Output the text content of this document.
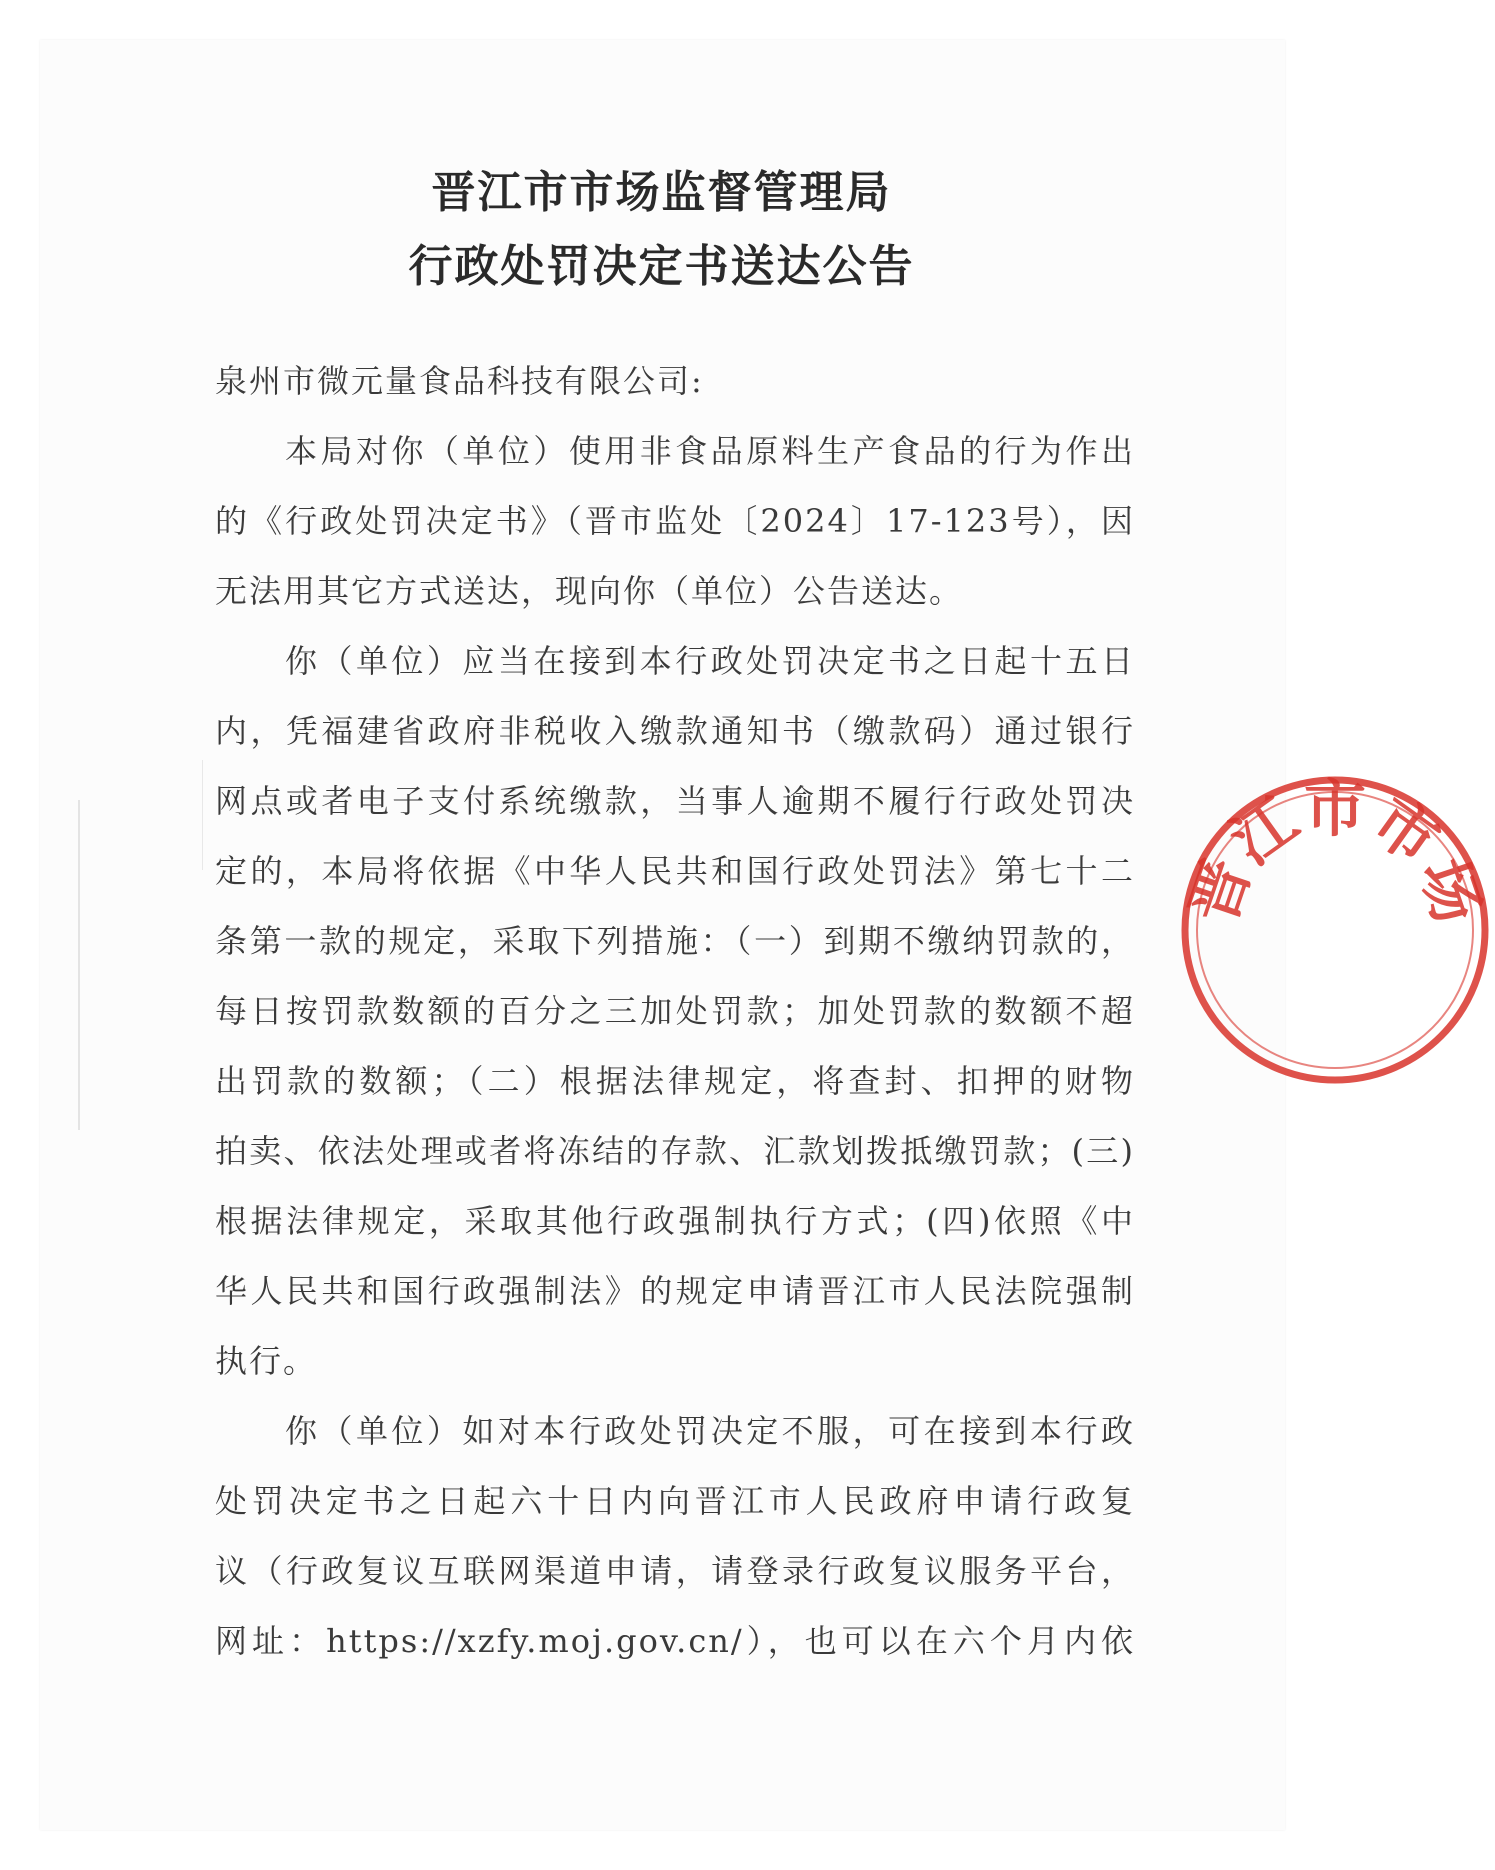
晋江市市场监督管理局
行政处罚决定书送达公告
泉州市微元量食品科技有限公司:
本局对你（单位）使用非食品原料生产食品的行为作出
的《行政处罚决定书》（晋市监处〔2024〕17-123号），因
无法用其它方式送达，现向你（单位）公告送达。
你（单位）应当在接到本行政处罚决定书之日起十五日
内，凭福建省政府非税收入缴款通知书（缴款码）通过银行
网点或者电子支付系统缴款，当事人逾期不履行行政处罚决
定的，本局将依据《中华人民共和国行政处罚法》第七十二
条第一款的规定，采取下列措施：（一）到期不缴纳罚款的，
每日按罚款数额的百分之三加处罚款；加处罚款的数额不超
出罚款的数额；（二）根据法律规定，将查封、扣押的财物
拍卖、依法处理或者将冻结的存款、汇款划拨抵缴罚款；(三)
根据法律规定，采取其他行政强制执行方式；(四)依照《中
华人民共和国行政强制法》的规定申请晋江市人民法院强制
执行。
你（单位）如对本行政处罚决定不服，可在接到本行政
处罚决定书之日起六十日内向晋江市人民政府申请行政复
议（行政复议互联网渠道申请，请登录行政复议服务平台，
网址：https://xzfy.moj.gov.cn/），也可以在六个月内依
晋江市市场
